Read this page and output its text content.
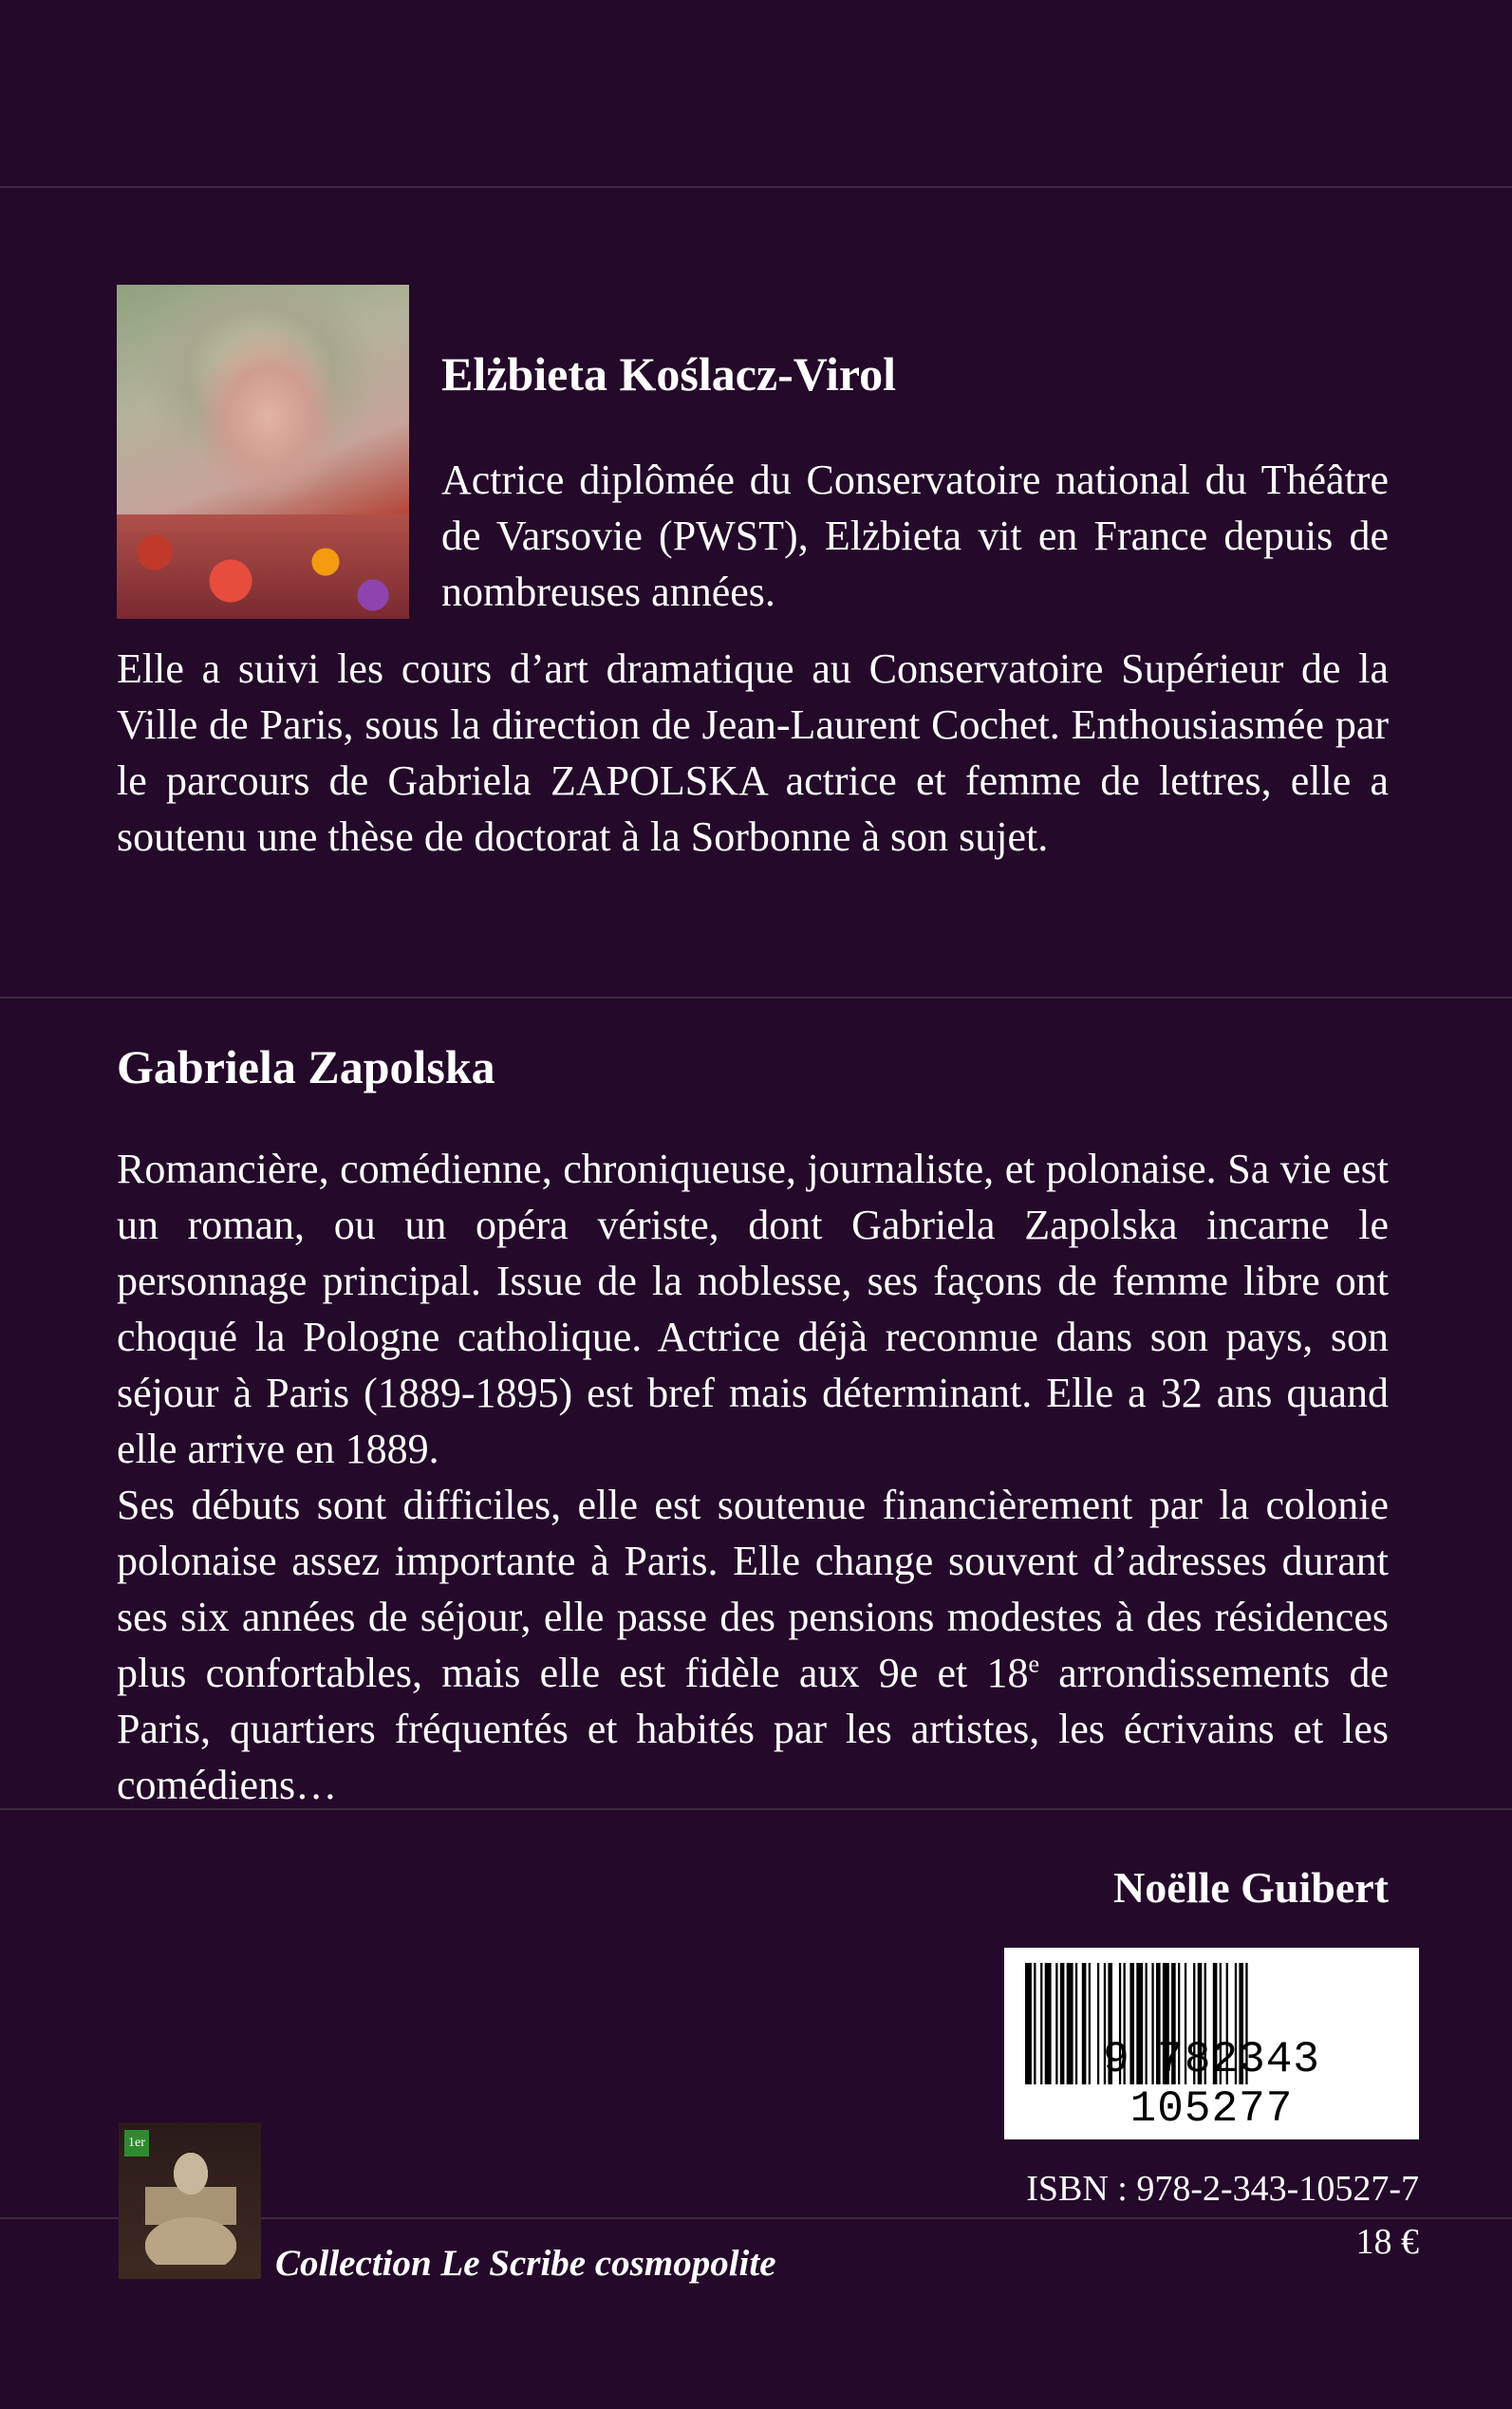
Elżbieta Koślacz-Virol

Actrice diplômée du Conservatoire national du Théâtre de Varsovie (PWST), Elżbieta vit en France depuis de nombreuses années.

Elle a suivi les cours d’art dramatique au Conservatoire Supérieur de la Ville de Paris, sous la direction de Jean-Laurent Cochet. Enthousiasmée par le parcours de Gabriela ZAPOLSKA actrice et femme de lettres, elle a soutenu une thèse de doctorat à la Sorbonne à son sujet.

Gabriela Zapolska

Romancière, comédienne, chroniqueuse, journaliste, et polonaise. Sa vie est un roman, ou un opéra vériste, dont Gabriela Zapolska incarne le personnage principal. Issue de la noblesse, ses façons de femme libre ont choqué la Pologne catholique. Actrice déjà reconnue dans son pays, son séjour à Paris (1889-1895) est bref mais déterminant. Elle a 32 ans quand elle arrive en 1889.

Ses débuts sont difficiles, elle est soutenue financièrement par la colonie polonaise assez importante à Paris. Elle change souvent d’adresses durant ses six années de séjour, elle passe des pensions modestes à des résidences plus confortables, mais elle est fidèle aux 9e et 18e arrondissements de Paris, quartiers fréquentés et habités par les artistes, les écrivains et les comédiens…

Noëlle Guibert
9 782343 105277
ISBN : 978-2-343-10527-7
18 €
1er
Collection Le Scribe cosmopolite
